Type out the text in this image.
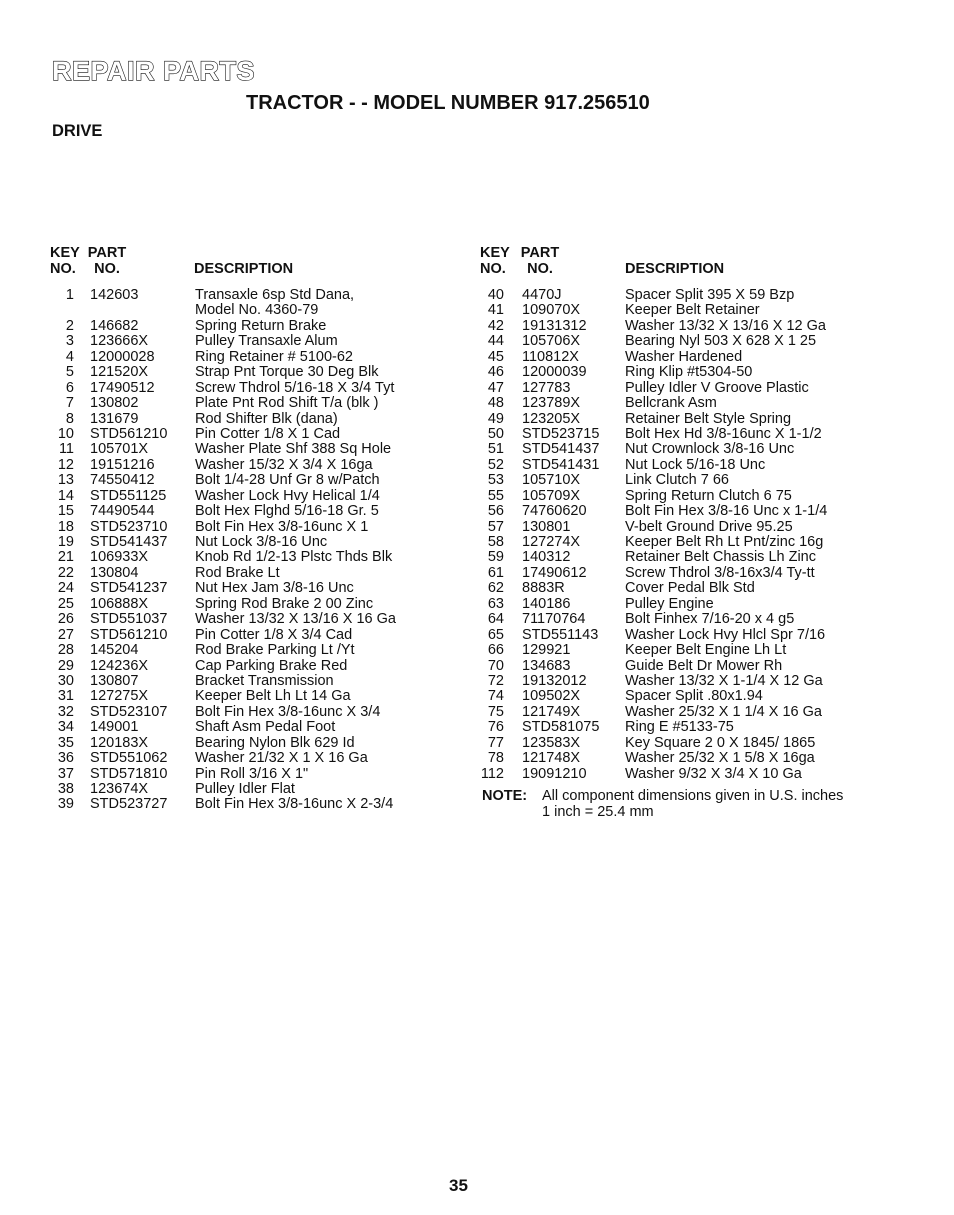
REPAIR PARTS
TRACTOR - - MODEL NUMBER 917.256510
DRIVE
KEY
NO.
PART
NO.	DESCRIPTION
1 142603	Transaxle 6sp Std Dana,
Model No. 4360-79
2 146682	Spring Return Brake
3 123666X	Pulley Transaxle Alum
4 12000028	Ring Retainer # 5100-62
5 121520X	Strap Pnt Torque 30 Deg Blk
6 17490512	Screw Thdrol 5/16-18 X 3/4 Tyt
7 130802	Plate Pnt Rod Shift T/a (blk )
8 131679	Rod Shifter Blk (dana)
10 STD561210 Pin Cotter 1/8 X 1 Cad
11 105701X	Washer Plate Shf 388 Sq Hole
12 19151216	Washer 15/32 X 3/4 X 16ga
13 74550412	Bolt 1/4-28 Unf Gr 8 w/Patch
14 STD551125 Washer Lock Hvy Helical 1/4
15 74490544	Bolt Hex Flghd 5/16-18 Gr. 5
18 STD523710 Bolt Fin Hex 3/8-16unc X 1
19 STD541437 Nut Lock 3/8-16 Unc
21 106933X	Knob Rd 1/2-13 Plstc Thds Blk
22 130804	Rod Brake Lt
24 STD541237 Nut Hex Jam 3/8-16 Unc
25 106888X	Spring Rod Brake 2 00 Zinc
26 STD551037 Washer 13/32 X 13/16 X 16 Ga
27 STD561210 Pin Cotter 1/8 X 3/4 Cad
28 145204	Rod Brake Parking Lt /Yt
29 124236X	Cap Parking Brake Red
30 130807	Bracket Transmission
31 127275X	Keeper Belt Lh Lt 14 Ga
32 STD523107 Bolt Fin Hex 3/8-16unc X 3/4
34 149001	Shaft Asm Pedal Foot
35 120183X	Bearing Nylon Blk 629 Id
36 STD551062 Washer 21/32 X 1 X 16 Ga
37 STD571810 Pin Roll 3/16 X 1"
38 123674X	Pulley Idler Flat
39 STD523727 Bolt Fin Hex 3/8-16unc X 2-3/4
KEY
NO.
PART
NO.	DESCRIPTION
40 4470J	Spacer Split 395 X 59 Bzp
41 109070X	Keeper Belt Retainer
42 19131312	Washer 13/32 X 13/16 X 12 Ga
44 105706X	Bearing Nyl 503 X 628 X 1 25
45 110812X	Washer Hardened
46 12000039	Ring Klip #t5304-50
47 127783	Pulley Idler V Groove Plastic
48 123789X	Bellcrank Asm
49 123205X	Retainer Belt Style Spring
50 STD523715 Bolt Hex Hd 3/8-16unc X 1-1/2
51 STD541437 Nut Crownlock 3/8-16 Unc
52 STD541431 Nut Lock 5/16-18 Unc
53 105710X	Link Clutch 7 66
55 105709X	Spring Return Clutch 6 75
56 74760620	Bolt Fin Hex 3/8-16 Unc x 1-1/4
57 130801	V-belt Ground Drive 95.25
58 127274X	Keeper Belt Rh Lt Pnt/zinc 16g
59 140312	Retainer Belt Chassis Lh Zinc
61 17490612	Screw Thdrol 3/8-16x3/4 Ty-tt
62 8883R	Cover Pedal Blk Std
63 140186	Pulley Engine
64 71170764	Bolt Finhex 7/16-20 x 4 g5
65 STD551143 Washer Lock Hvy Hlcl Spr 7/16
66 129921	Keeper Belt Engine Lh Lt
70 134683	Guide Belt Dr Mower Rh
72 19132012	Washer 13/32 X 1-1/4 X 12 Ga
74 109502X	Spacer Split .80x1.94
75 121749X	Washer 25/32 X 1 1/4 X 16 Ga
76 STD581075 Ring E #5133-75
77 123583X	Key Square 2 0 X 1845/ 1865
78 121748X	Washer 25/32 X 1 5/8 X 16ga
112 19091210	Washer 9/32 X 3/4 X 10 Ga
NOTE: All component dimensions given in U.S. inches
1 inch = 25.4 mm
35
